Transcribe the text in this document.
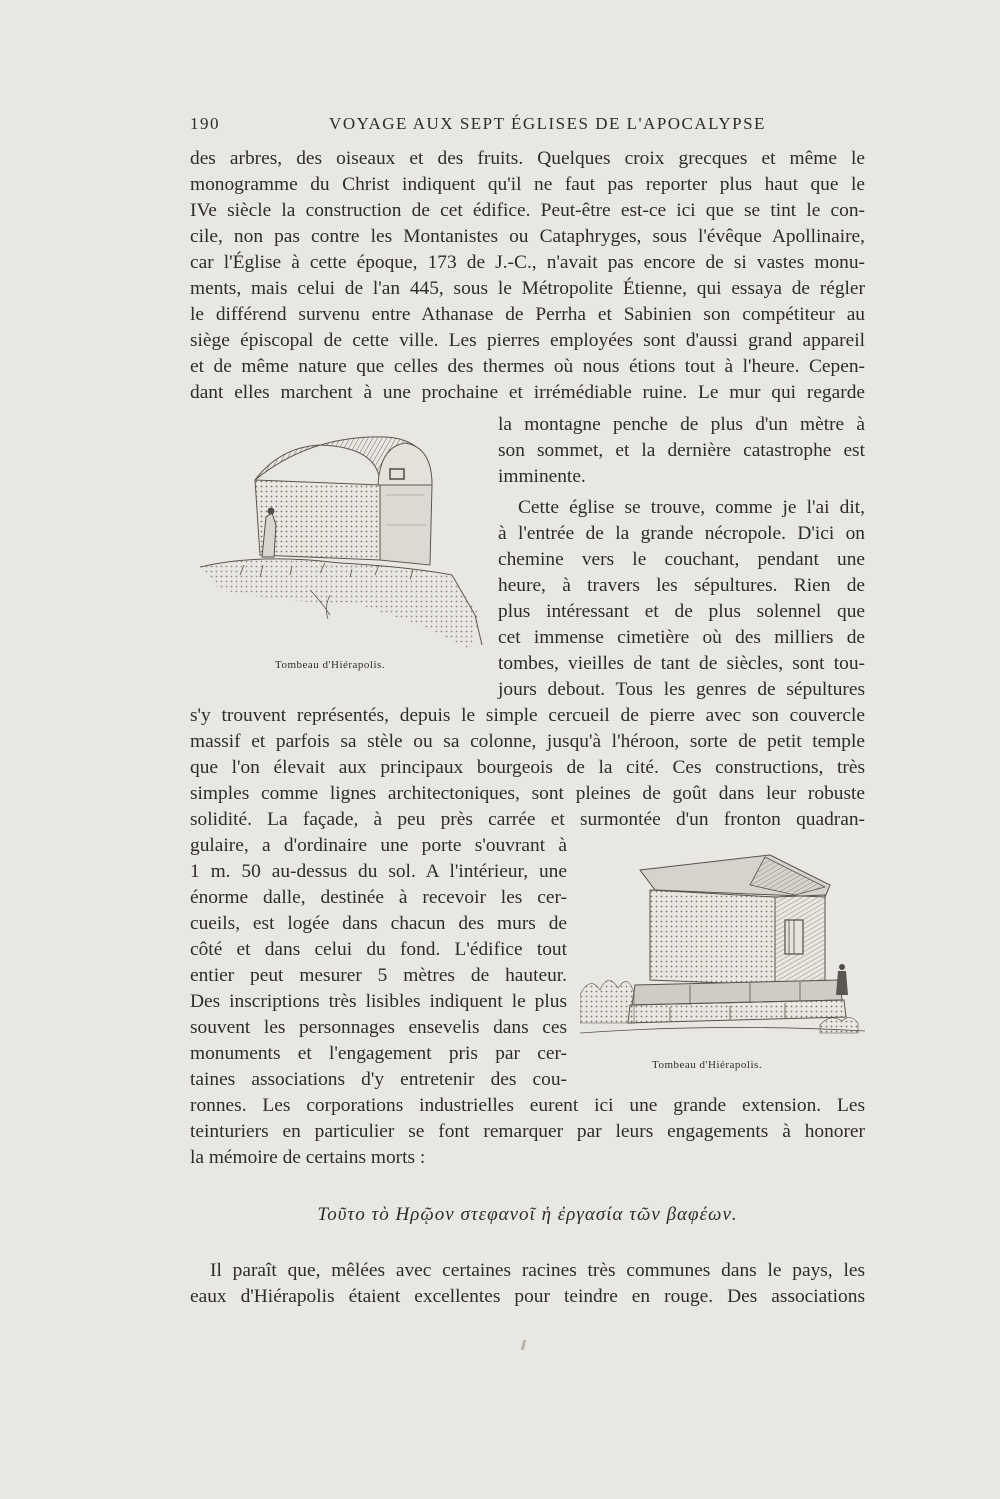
190	VOYAGE AUX SEPT ÉGLISES DE L'APOCALYPSE
des arbres, des oiseaux et des fruits. Quelques croix grecques et même le
monogramme du Christ indiquent qu'il ne faut pas reporter plus haut que le
IVe siècle la construction de cet édifice. Peut-être est-ce ici que se tint le con-
cile, non pas contre les Montanistes ou Cataphryges, sous l'évêque Apollinaire,
car l'Église à cette époque, 173 de J.-C., n'avait pas encore de si vastes monu-
ments, mais celui de l'an 445, sous le Métropolite Étienne, qui essaya de régler
le différend survenu entre Athanase de Perrha et Sabinien son compétiteur au
siège épiscopal de cette ville. Les pierres employées sont d'aussi grand appareil
et de même nature que celles des thermes où nous étions tout à l'heure. Cepen-
dant elles marchent à une prochaine et irrémédiable ruine. Le mur qui regarde
Tombeau d'Hiérapolis.
la montagne penche de plus d'un mètre à
son sommet, et la dernière catastrophe est
imminente.
Cette église se trouve, comme je l'ai dit,
à l'entrée de la grande nécropole. D'ici on
chemine vers le couchant, pendant une
heure, à travers les sépultures. Rien de
plus intéressant et de plus solennel que
cet immense cimetière où des milliers de
tombes, vieilles de tant de siècles, sont tou-
jours debout. Tous les genres de sépultures
s'y trouvent représentés, depuis le simple cercueil de pierre avec son couvercle
massif et parfois sa stèle ou sa colonne, jusqu'à l'héroon, sorte de petit temple
que l'on élevait aux principaux bourgeois de la cité. Ces constructions, très
simples comme lignes architectoniques, sont pleines de goût dans leur robuste
solidité. La façade, à peu près carrée et surmontée d'un fronton quadran-
gulaire, a d'ordinaire une porte s'ouvrant à
1 m. 50 au-dessus du sol. A l'intérieur, une
énorme dalle, destinée à recevoir les cer-
cueils, est logée dans chacun des murs de
côté et dans celui du fond. L'édifice tout
entier peut mesurer 5 mètres de hauteur.
Des inscriptions très lisibles indiquent le plus
souvent les personnages ensevelis dans ces
monuments et l'engagement pris par cer-
taines associations d'y entretenir des cou-
Tombeau d'Hiérapolis.
ronnes. Les corporations industrielles eurent ici une grande extension. Les
teinturiers en particulier se font remarquer par leurs engagements à honorer
la mémoire de certains morts :
Τοῦτο τὸ Ηρῷον στεφανοῖ ἡ ἐργασία τῶν βαφέων.
Il paraît que, mêlées avec certaines racines très communes dans le pays, les
eaux d'Hiérapolis étaient excellentes pour teindre en rouge. Des associations
